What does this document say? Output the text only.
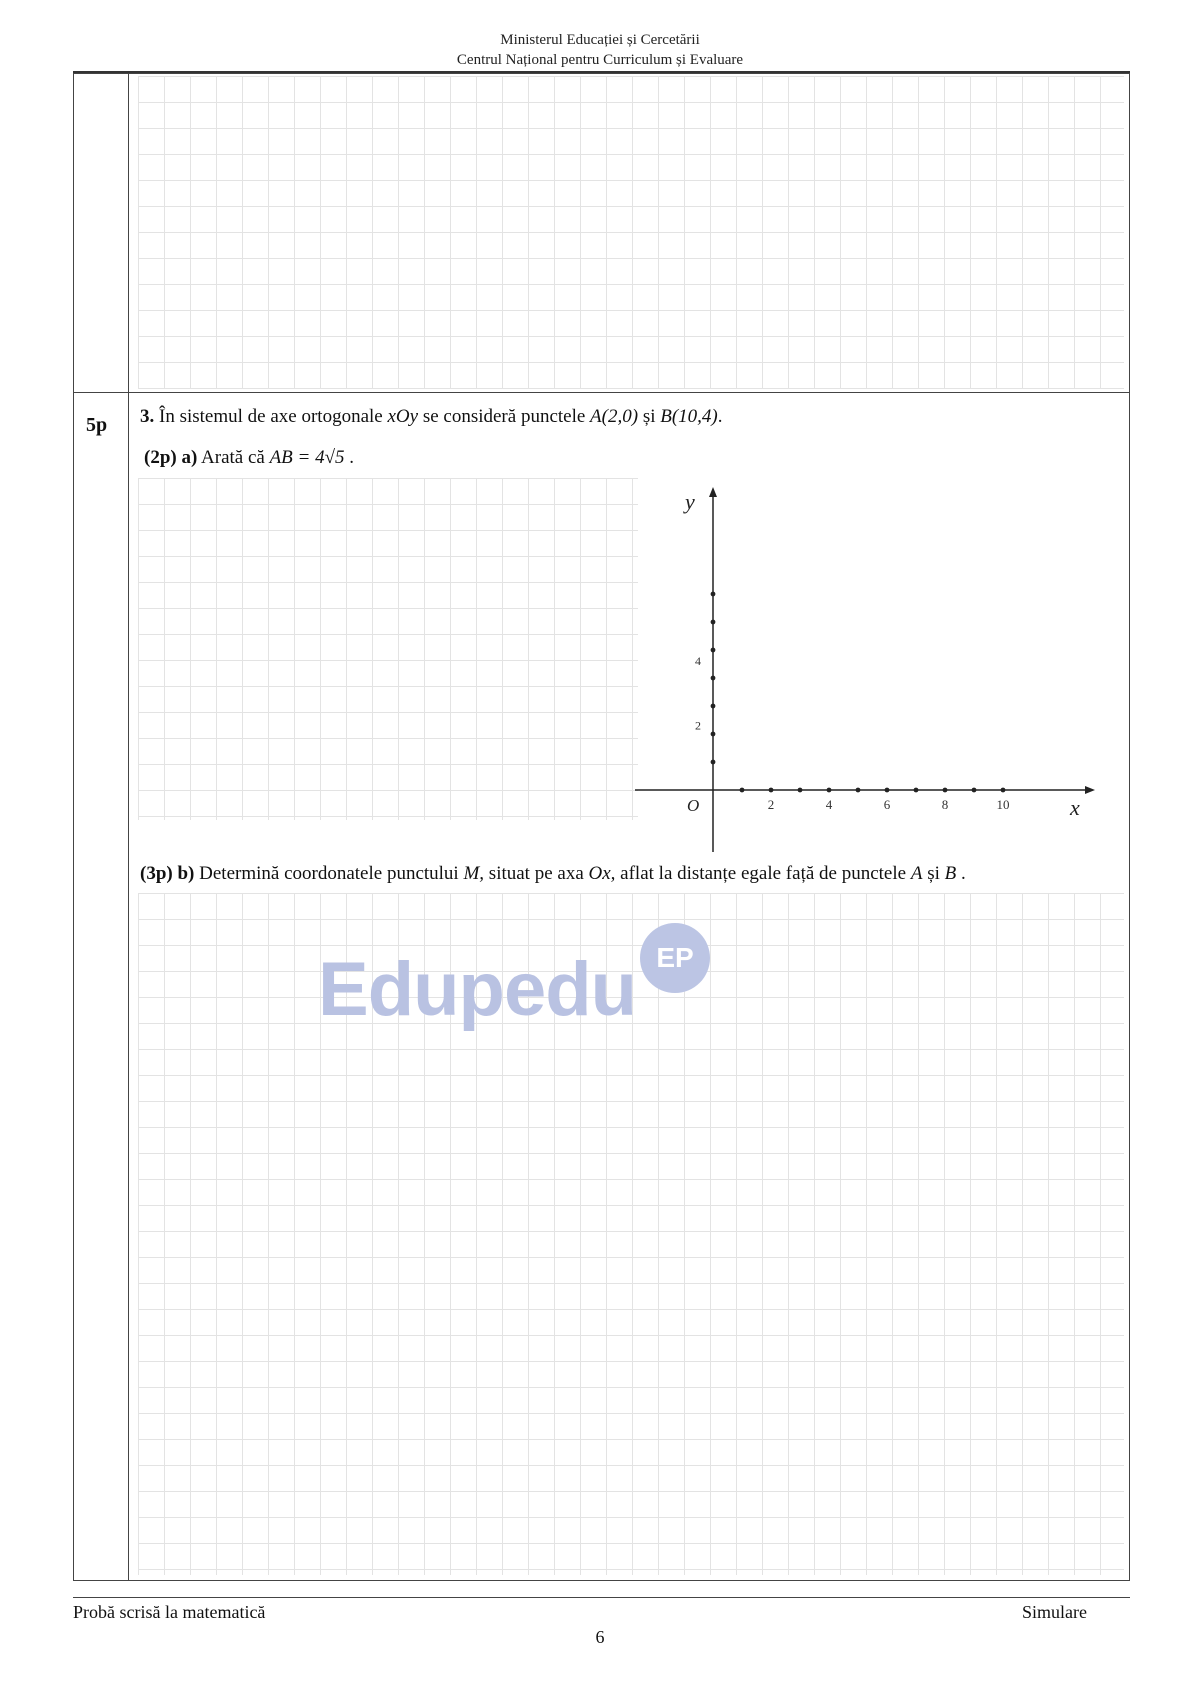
Ministerul Educației și Cercetării
Centrul Național pentru Curriculum și Evaluare
5p 3. În sistemul de axe ortogonale xOy se consideră punctele A(2,0) și B(10,4).
(2p) a) Arată că AB = 4√5 .
y
x
O	2	4	6	8	10
2
4
(3p) b) Determină coordonatele punctului M, situat pe axa Ox, aflat la distanțe egale față de punctele A și B .
Edupedu EP
Probă scrisă la matematică	Simulare
6
